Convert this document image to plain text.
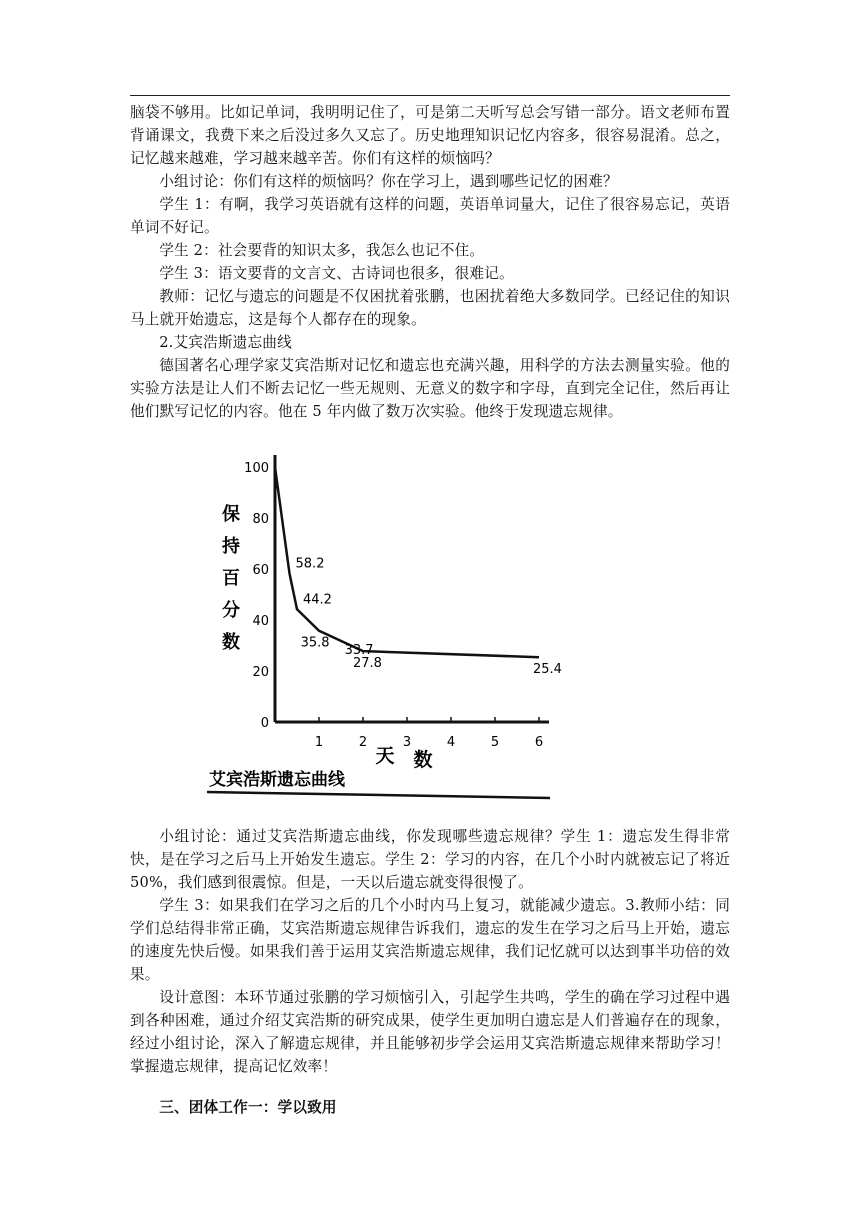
脑袋不够用。比如记单词，我明明记住了，可是第二天听写总会写错一部分。语文老师布置背诵课文，我费下来之后没过多久又忘了。历史地理知识记忆内容多，很容易混淆。总之，记忆越来越难，学习越来越辛苦。你们有这样的烦恼吗？

小组讨论：你们有这样的烦恼吗？你在学习上，遇到哪些记忆的困难？

学生 1：有啊，我学习英语就有这样的问题，英语单词量大，记住了很容易忘记，英语单词不好记。

学生 2：社会要背的知识太多，我怎么也记不住。

学生 3：语文要背的文言文、古诗词也很多，很难记。

教师：记忆与遗忘的问题是不仅困扰着张鹏，也困扰着绝大多数同学。已经记住的知识马上就开始遗忘，这是每个人都存在的现象。

2.艾宾浩斯遗忘曲线

德国著名心理学家艾宾浩斯对记忆和遗忘也充满兴趣，用科学的方法去测量实验。他的实验方法是让人们不断去记忆一些无规则、无意义的数字和字母，直到完全记住，然后再让他们默写记忆的内容。他在 5 年内做了数万次实验。他终于发现遗忘规律。

0
20
40
60
80
100
1	2	3	4	5	6
保
持
百
分
数
天 数
58.2
44.2
35.8 33.7
27.8	25.4
艾宾浩斯遗忘曲线

小组讨论：通过艾宾浩斯遗忘曲线，你发现哪些遗忘规律？学生 1：遗忘发生得非常快，是在学习之后马上开始发生遗忘。学生 2：学习的内容，在几个小时内就被忘记了将近 50%，我们感到很震惊。但是，一天以后遗忘就变得很慢了。

学生 3：如果我们在学习之后的几个小时内马上复习，就能减少遗忘。3.教师小结：同学们总结得非常正确，艾宾浩斯遗忘规律告诉我们，遗忘的发生在学习之后马上开始，遗忘的速度先快后慢。如果我们善于运用艾宾浩斯遗忘规律，我们记忆就可以达到事半功倍的效果。

设计意图：本环节通过张鹏的学习烦恼引入，引起学生共鸣，学生的确在学习过程中遇到各种困难，通过介绍艾宾浩斯的研究成果，使学生更加明白遗忘是人们普遍存在的现象，经过小组讨论，深入了解遗忘规律，并且能够初步学会运用艾宾浩斯遗忘规律来帮助学习！掌握遗忘规律，提高记忆效率！

三、团体工作一：学以致用
